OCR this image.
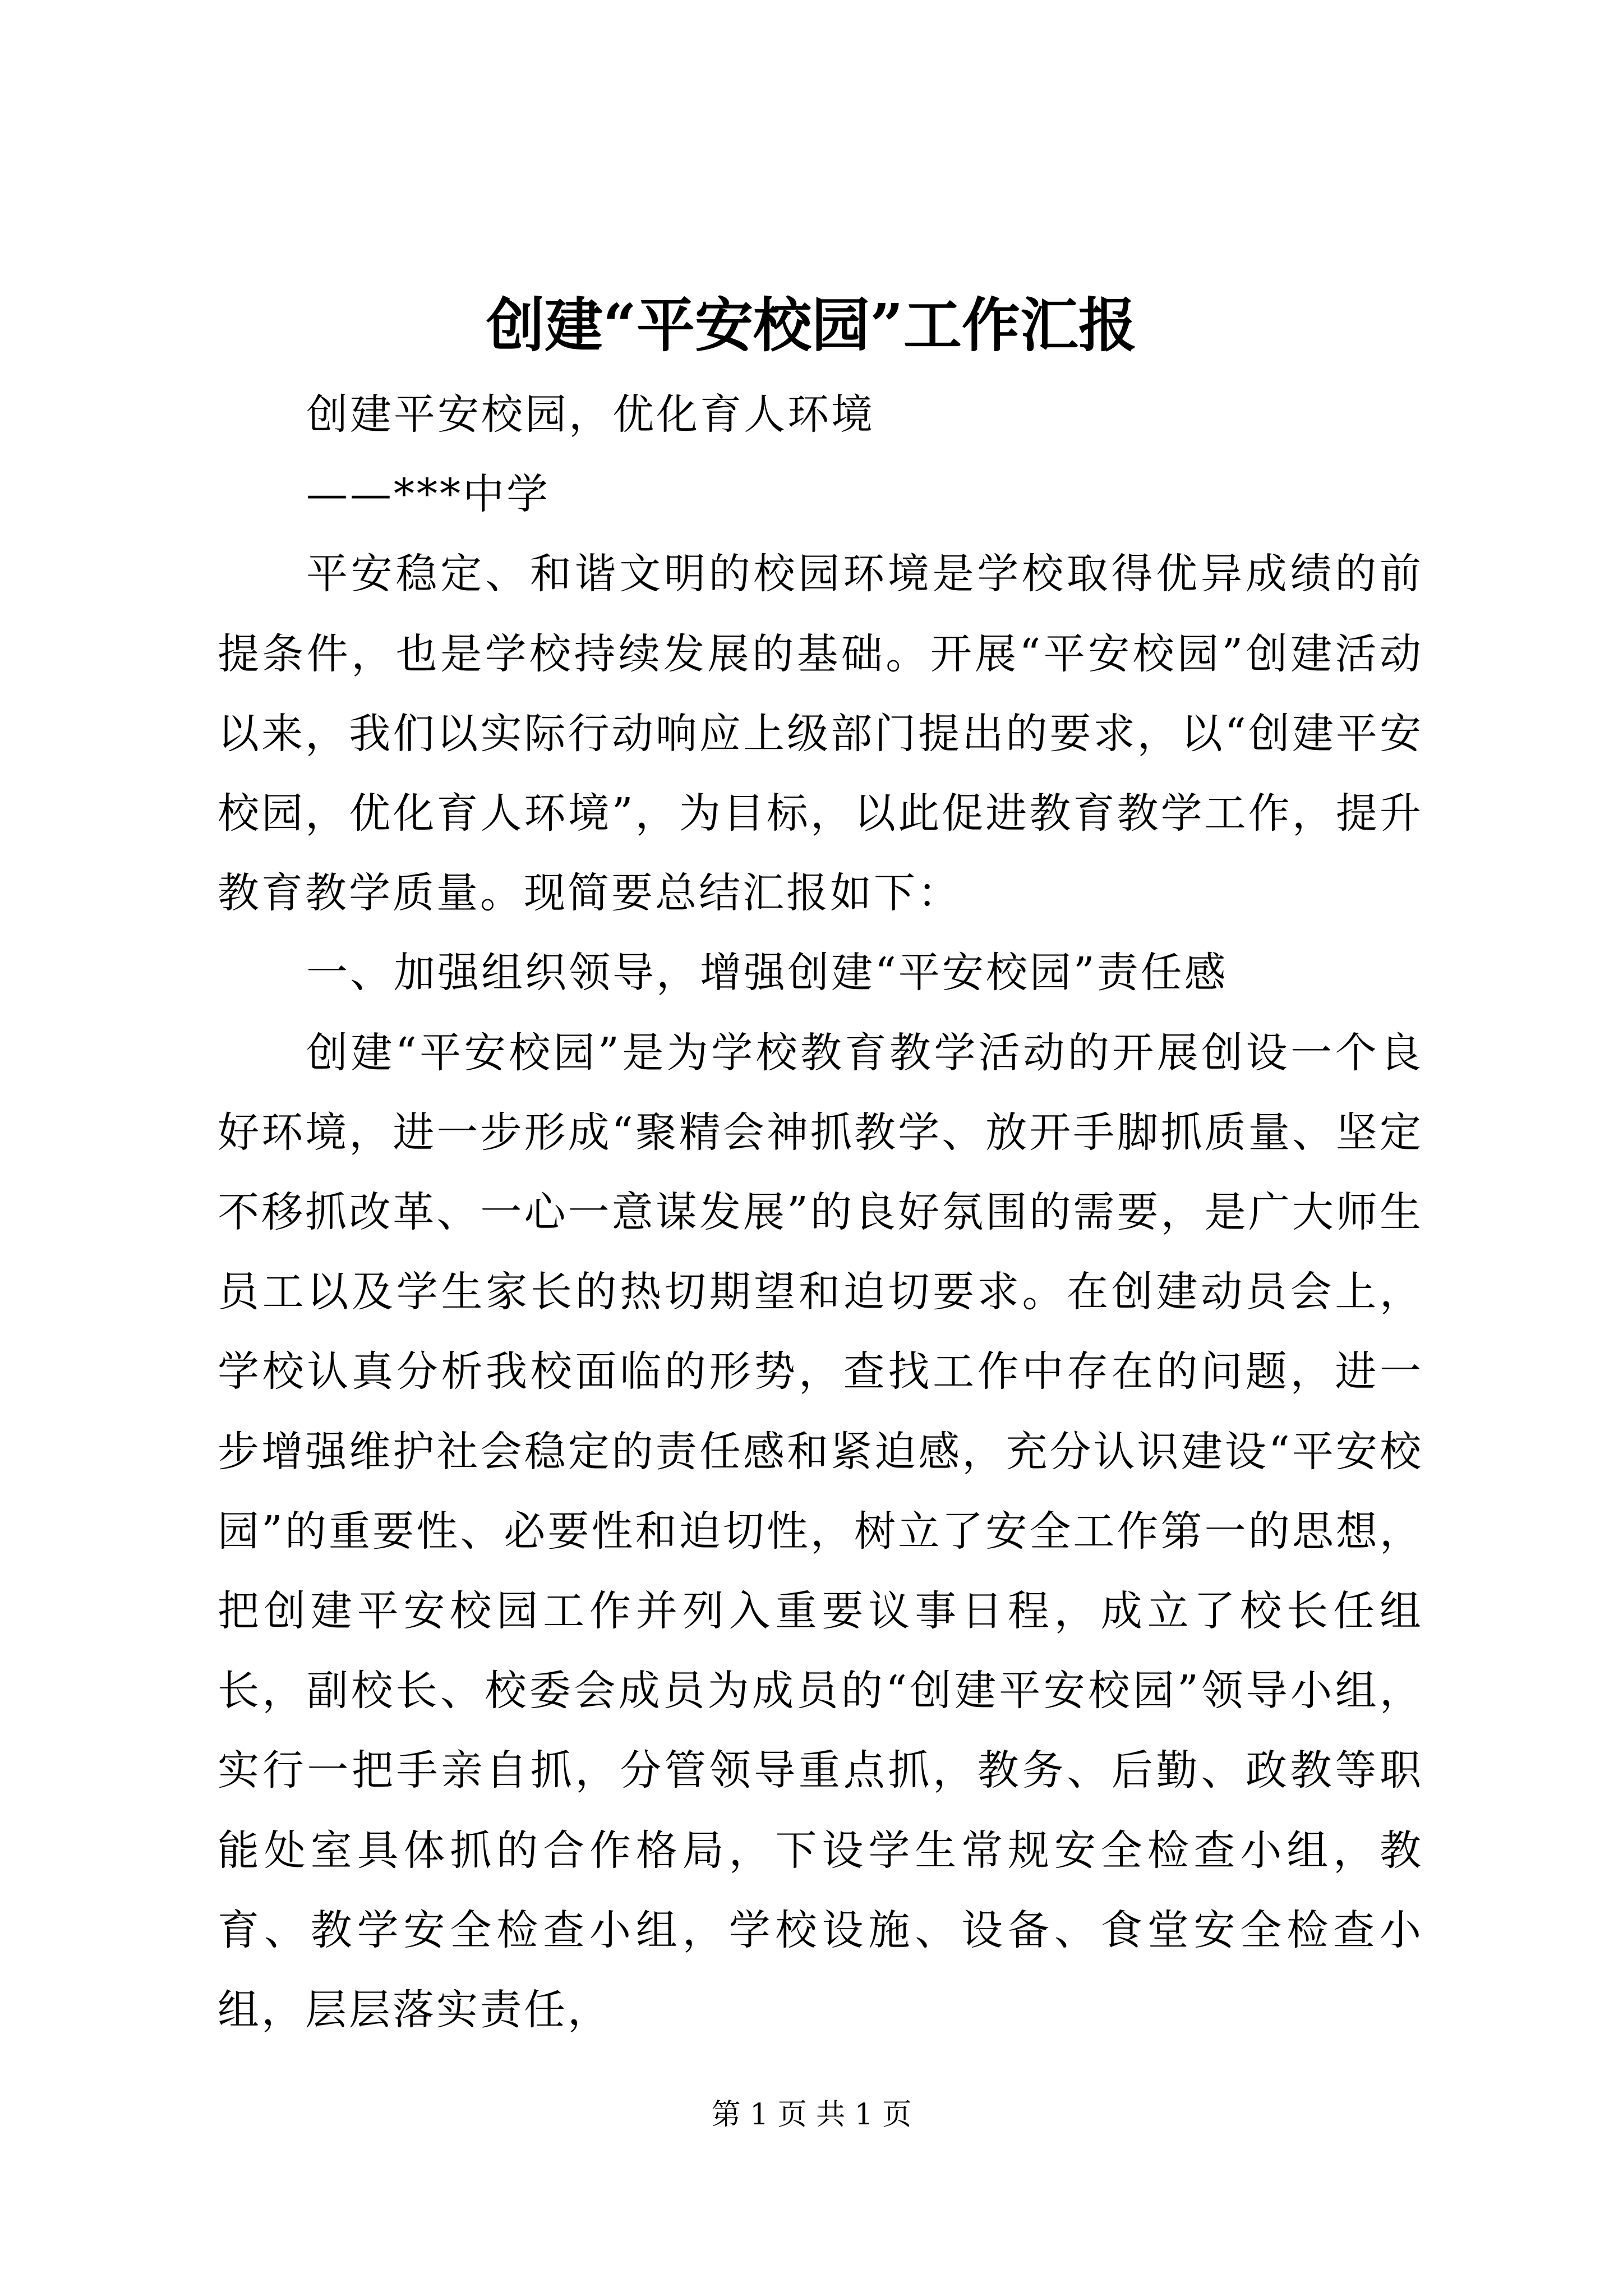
创建“平安校园”工作汇报

创建平安校园，优化育人环境

——***中学

平安稳定、和谐文明的校园环境是学校取得优异成绩的前提条件，也是学校持续发展的基础。开展“平安校园”创建活动以来，我们以实际行动响应上级部门提出的要求，以“创建平安校园，优化育人环境”，为目标，以此促进教育教学工作，提升教育教学质量。现简要总结汇报如下：

一、加强组织领导，增强创建“平安校园”责任感

创建“平安校园”是为学校教育教学活动的开展创设一个良好环境，进一步形成“聚精会神抓教学、放开手脚抓质量、坚定不移抓改革、一心一意谋发展”的良好氛围的需要，是广大师生员工以及学生家长的热切期望和迫切要求。在创建动员会上，学校认真分析我校面临的形势，查找工作中存在的问题，进一步增强维护社会稳定的责任感和紧迫感，充分认识建设“平安校园”的重要性、必要性和迫切性，树立了安全工作第一的思想，把创建平安校园工作并列入重要议事日程，成立了校长任组长，副校长、校委会成员为成员的“创建平安校园”领导小组，实行一把手亲自抓，分管领导重点抓，教务、后勤、政教等职能处室具体抓的合作格局，下设学生常规安全检查小组，教育、教学安全检查小组，学校设施、设备、食堂安全检查小组，层层落实责任，

第 1 页 共 1 页
